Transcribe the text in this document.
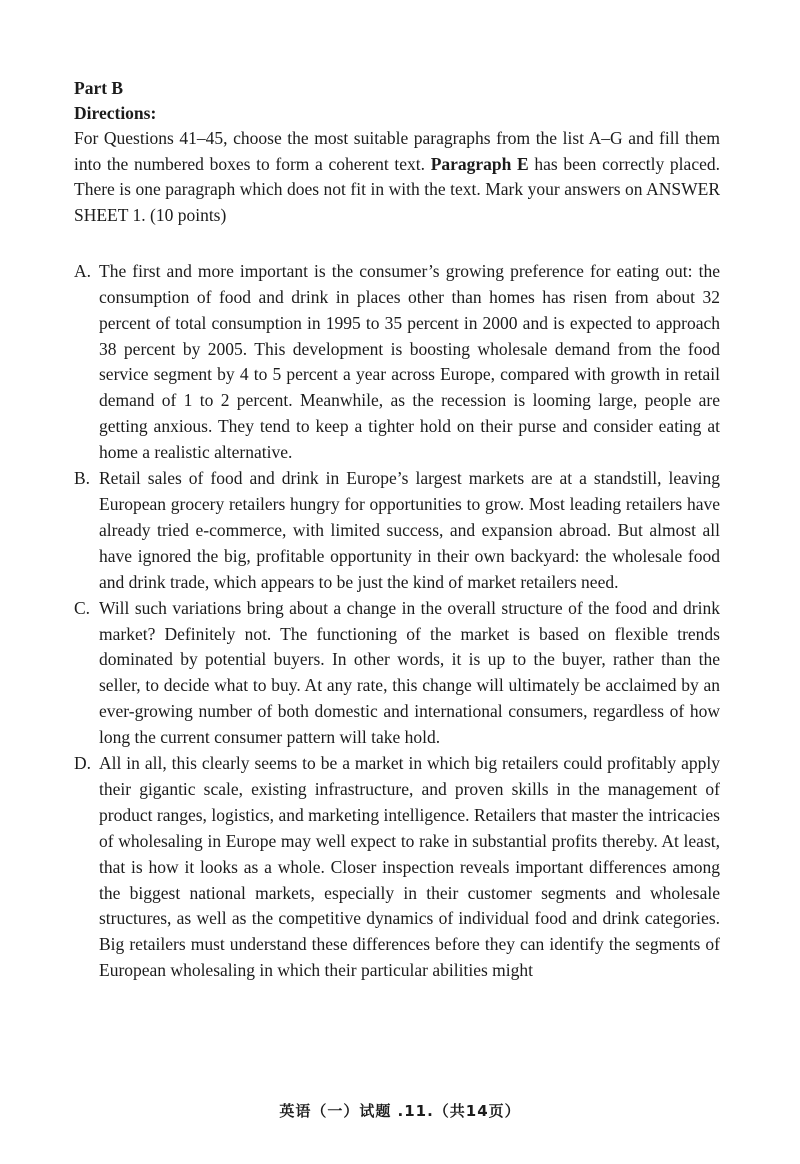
Part B

Directions:

For Questions 41–45, choose the most suitable paragraphs from the list A–G and fill them into the numbered boxes to form a coherent text. Paragraph E has been correctly placed. There is one paragraph which does not fit in with the text. Mark your answers on ANSWER SHEET 1. (10 points)

A. The first and more important is the consumer’s growing preference for eating out: the consumption of food and drink in places other than homes has risen from about 32 percent of total consumption in 1995 to 35 percent in 2000 and is expected to approach 38 percent by 2005. This development is boosting wholesale demand from the food service segment by 4 to 5 percent a year across Europe, compared with growth in retail demand of 1 to 2 percent. Meanwhile, as the recession is looming large, people are getting anxious. They tend to keep a tighter hold on their purse and consider eating at home a realistic alternative.

B. Retail sales of food and drink in Europe’s largest markets are at a standstill, leaving European grocery retailers hungry for opportunities to grow. Most leading retailers have already tried e-commerce, with limited success, and expansion abroad. But almost all have ignored the big, profitable opportunity in their own backyard: the wholesale food and drink trade, which appears to be just the kind of market retailers need.

C. Will such variations bring about a change in the overall structure of the food and drink market? Definitely not. The functioning of the market is based on flexible trends dominated by potential buyers. In other words, it is up to the buyer, rather than the seller, to decide what to buy. At any rate, this change will ultimately be acclaimed by an ever-growing number of both domestic and international consumers, regardless of how long the current consumer pattern will take hold.

D. All in all, this clearly seems to be a market in which big retailers could profitably apply their gigantic scale, existing infrastructure, and proven skills in the management of product ranges, logistics, and marketing intelligence. Retailers that master the intricacies of wholesaling in Europe may well expect to rake in substantial profits thereby. At least, that is how it looks as a whole. Closer inspection reveals important differences among the biggest national markets, especially in their customer segments and wholesale structures, as well as the competitive dynamics of individual food and drink categories. Big retailers must understand these differences before they can identify the segments of European wholesaling in which their particular abilities might

英语（一）试题 .11.（共14页）
